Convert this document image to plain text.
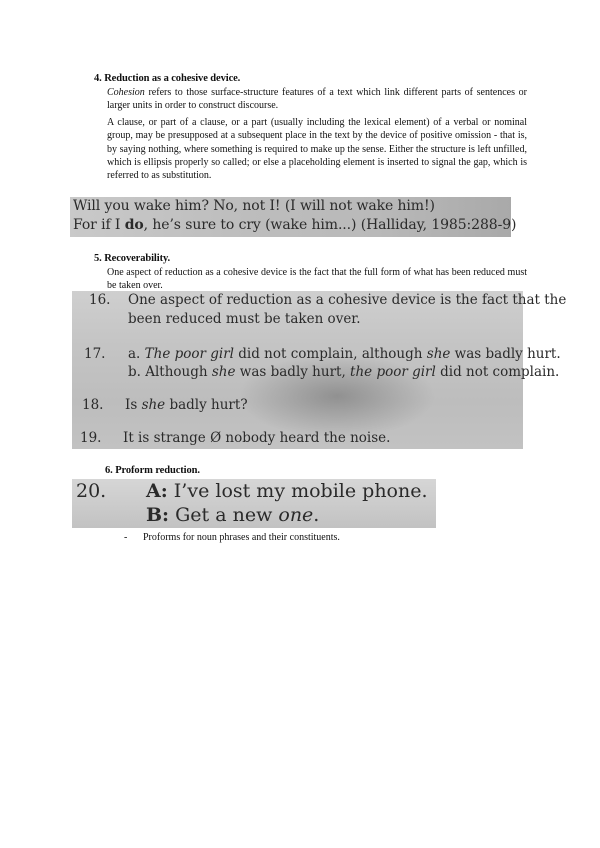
4. Reduction as a cohesive device.
Cohesion refers to those surface-structure features of a text which link different parts of sentences or larger units in order to construct discourse.
A clause, or part of a clause, or a part (usually including the lexical element) of a verbal or nominal group, may be presupposed at a subsequent place in the text by the device of positive omission - that is, by saying nothing, where something is required to make up the sense. Either the structure is left unfilled, which is ellipsis properly so called; or else a placeholding element is inserted to signal the gap, which is referred to as substitution.
Will you wake him? No, not I! (I will not wake him!)
For if I do, he’s sure to cry (wake him...) (Halliday, 1985:288-9)
5. Recoverability.
One aspect of reduction as a cohesive device is the fact that the full form of what has been reduced must be taken over.
16. One aspect of reduction as a cohesive device is the fact that the
been reduced must be taken over.
17. a. The poor girl did not complain, although she was badly hurt.
b. Although she was badly hurt, the poor girl did not complain.
18. Is she badly hurt?
19. It is strange Ø nobody heard the noise.
6. Proform reduction.
20. A: I’ve lost my mobile phone.
B: Get a new one.
- Proforms for noun phrases and their constituents.
